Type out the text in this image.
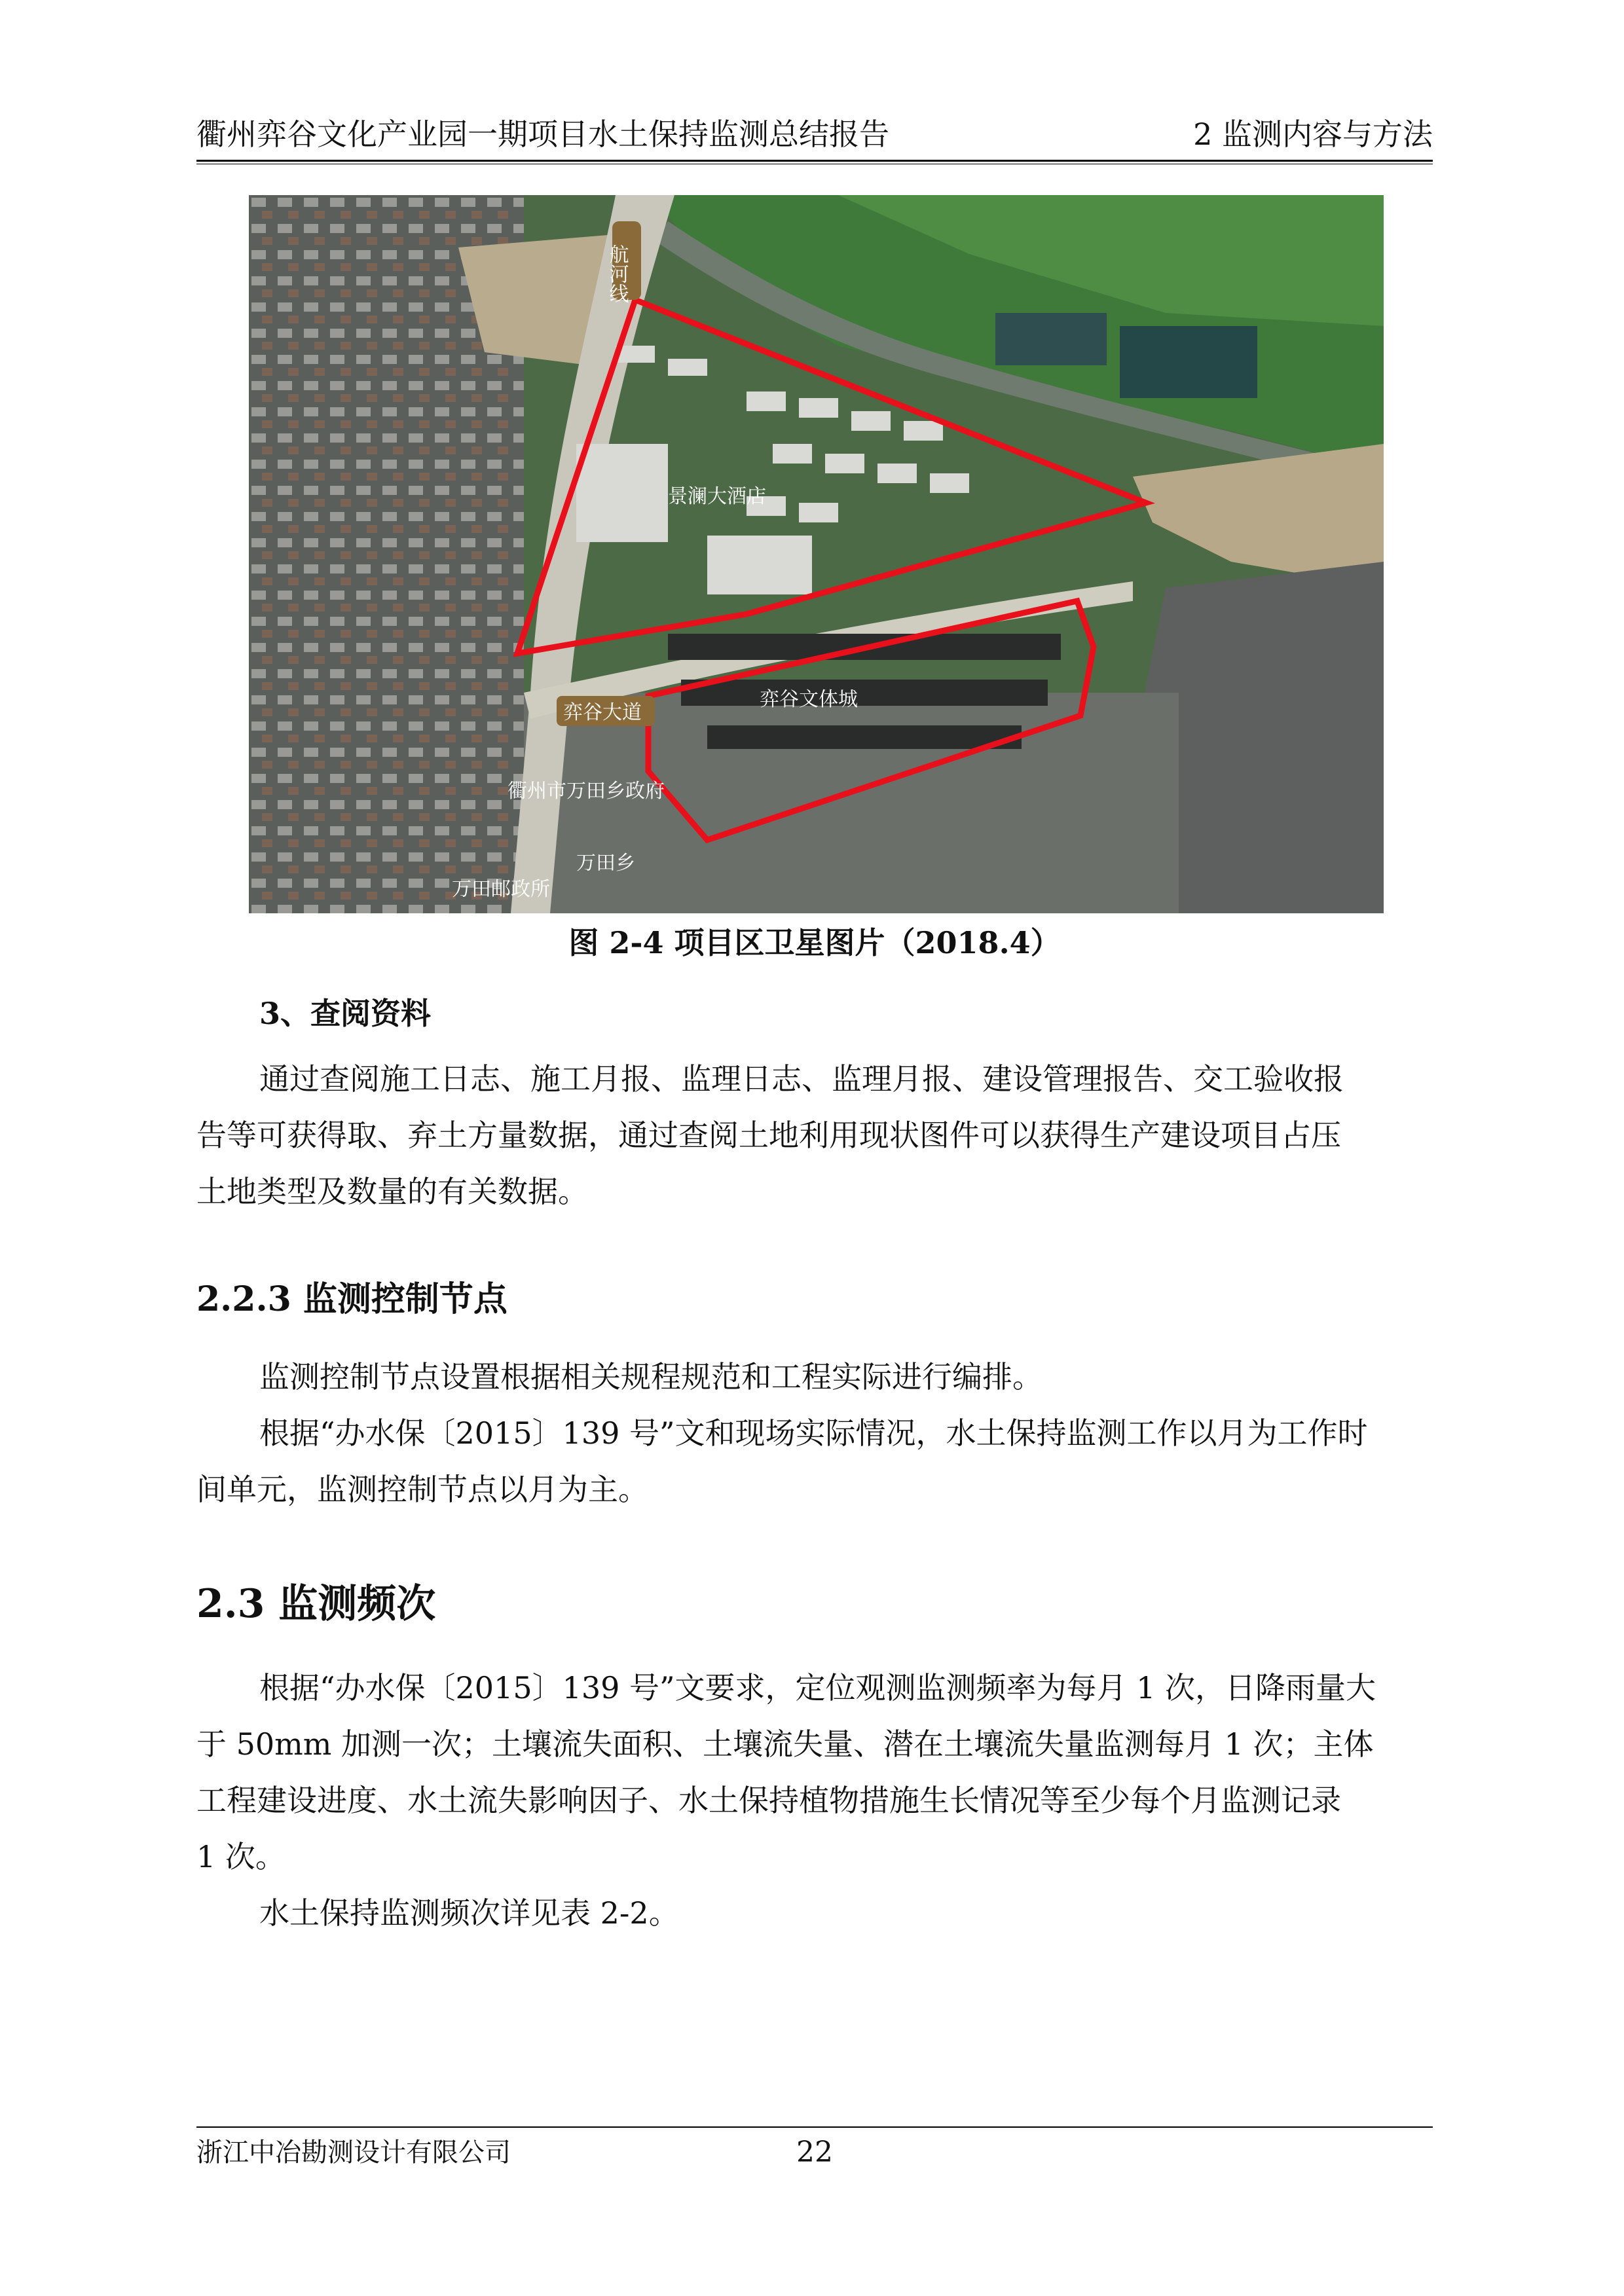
衢州弈谷文化产业园一期项目水土保持监测总结报告	2 监测内容与方法
航河线
景澜大酒店
弈谷大道
弈谷文体城
衢州市万田乡政府
万田乡
万田邮政所
图 2-4 项目区卫星图片（2018.4）
3、查阅资料
通过查阅施工日志、施工月报、监理日志、监理月报、建设管理报告、交工验收报
告等可获得取、弃土方量数据，通过查阅土地利用现状图件可以获得生产建设项目占压
土地类型及数量的有关数据。
2.2.3 监测控制节点
监测控制节点设置根据相关规程规范和工程实际进行编排。
根据“办水保〔2015〕139 号”文和现场实际情况，水土保持监测工作以月为工作时
间单元，监测控制节点以月为主。
2.3 监测频次
根据“办水保〔2015〕139 号”文要求，定位观测监测频率为每月 1 次，日降雨量大
于 50mm 加测一次；土壤流失面积、土壤流失量、潜在土壤流失量监测每月 1 次；主体
工程建设进度、水土流失影响因子、水土保持植物措施生长情况等至少每个月监测记录
1 次。
水土保持监测频次详见表 2-2。
浙江中冶勘测设计有限公司	22
